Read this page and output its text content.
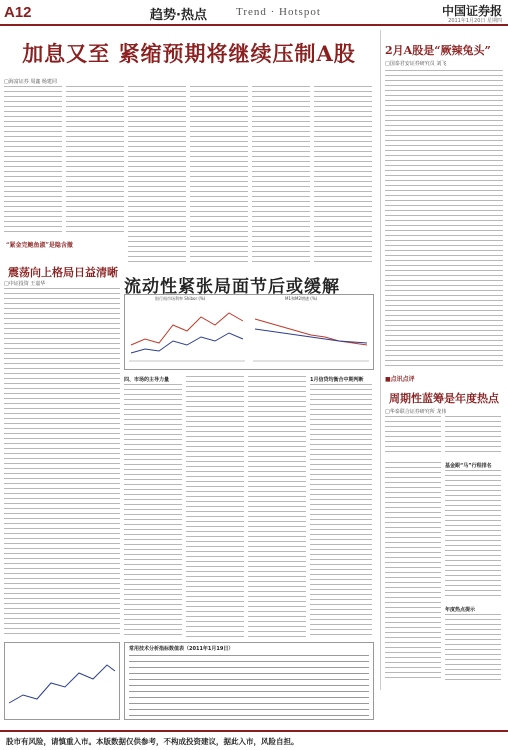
A12	趋势·热点	Trend · Hotspot	中国证券报
2011年1月20日 星期四
加息又至 紧缩预期将继续压制A股
□海富证券 周鑫 杨建同
“紧金完鲍鱼淑”是隐含撤
震荡向上格局日益清晰
□中证投资 王嘉华	流动性紧张局面节后或缓解
银行间市场利率 Shibor (%)	M1和M2增速 (%)
四、市场的主导力量	1月信贷均衡合中期判断
常用技术分析指标数值表（2011年1月19日）
2月A股是“厥辣兔头”
□国泰君安证券研究员 刘飞
■点讯点评
周期性蓝筹是年度热点
□华泰联合证券研究所 龙伟
基金跟“马”行程排名
年度热点提示
股市有风险，请慎重入市。本版数据仅供参考，不构成投资建议，据此入市，风险自担。
